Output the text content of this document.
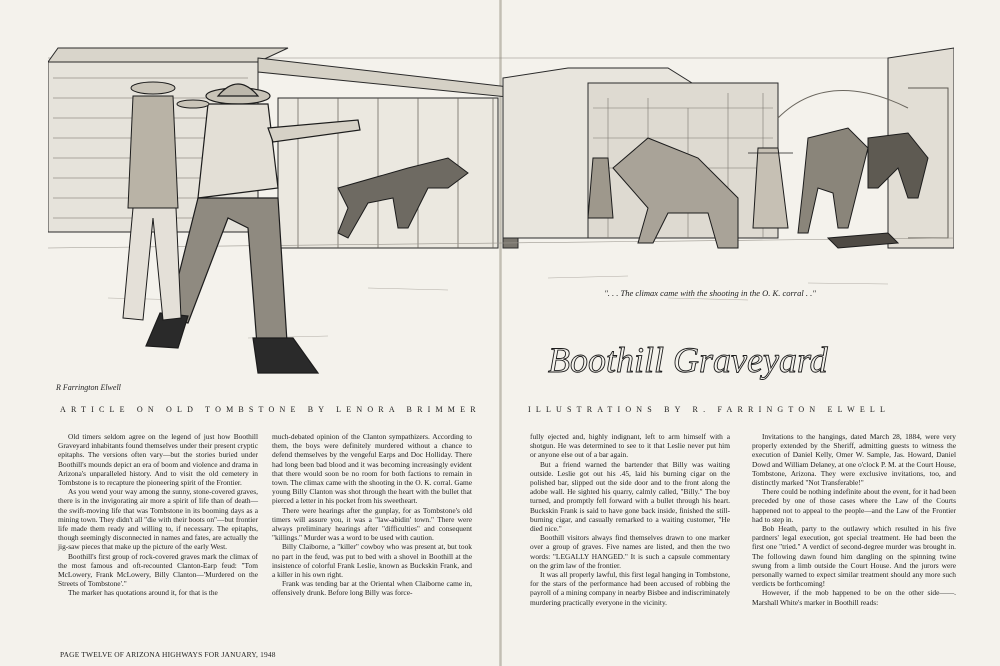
R Farrington Elwell
". . . The climax came with the shooting in the O. K. corral . ."
Boothill Graveyard
ARTICLE ON OLD TOMBSTONE BY LENORA BRIMMER	ILLUSTRATIONS BY R. FARRINGTON ELWELL

Old timers seldom agree on the legend of just how Boothill Graveyard inhabitants found themselves under their present cryptic epitaphs. The versions often vary—but the stories buried under Boothill's mounds depict an era of boom and violence and drama in Arizona's unparalleled history. And to visit the old cemetery in Tombstone is to recapture the pioneering spirit of the Frontier.

As you wend your way among the sunny, stone-covered graves, there is in the invigorating air more a spirit of life than of death—the swift-moving life that was Tombstone in its booming days as a mining town. They didn't all "die with their boots on"—but frontier life made them ready and willing to, if necessary. The epitaphs, though seemingly disconnected in names and fates, are actually the jig-saw pieces that make up the picture of the early West.

Boothill's first group of rock-covered graves mark the climax of the most famous and oft-recounted Clanton-Earp feud: "Tom McLowery, Frank McLowery, Billy Clanton—'Murdered on the Streets of Tombstone'."

The marker has quotations around it, for that is the

much-debated opinion of the Clanton sympathizers. According to them, the boys were definitely murdered without a chance to defend themselves by the vengeful Earps and Doc Holliday. There had long been bad blood and it was becoming increasingly evident that there would soon be no room for both factions to remain in town. The climax came with the shooting in the O. K. corral. Game young Billy Clanton was shot through the heart with the bullet that pierced a letter in his pocket from his sweetheart.

There were hearings after the gunplay, for as Tombstone's old timers will assure you, it was a "law-abidin' town." There were always preliminary hearings after "difficulties" and consequent "killings." Murder was a word to be used with caution.

Billy Claiborne, a "killer" cowboy who was present at, but took no part in the feud, was put to bed with a shovel in Boothill at the insistence of colorful Frank Leslie, known as Buckskin Frank, and a killer in his own right.

Frank was tending bar at the Oriental when Claiborne came in, offensively drunk. Before long Billy was force-

fully ejected and, highly indignant, left to arm himself with a shotgun. He was determined to see to it that Leslie never put him or anyone else out of a bar again.

But a friend warned the bartender that Billy was waiting outside. Leslie got out his .45, laid his burning cigar on the polished bar, slipped out the side door and to the front along the adobe wall. He sighted his quarry, calmly called, "Billy." The boy turned, and promptly fell forward with a bullet through his heart. Buckskin Frank is said to have gone back inside, finished the still-burning cigar, and casually remarked to a waiting customer, "He died nice."

Boothill visitors always find themselves drawn to one marker over a group of graves. Five names are listed, and then the two words: "LEGALLY HANGED." It is such a capsule commentary on the grim law of the frontier.

It was all properly lawful, this first legal hanging in Tombstone, for the stars of the performance had been accused of robbing the payroll of a mining company in nearby Bisbee and indiscriminately murdering practically everyone in the vicinity.

Invitations to the hangings, dated March 28, 1884, were very properly extended by the Sheriff, admitting guests to witness the execution of Daniel Kelly, Omer W. Sample, Jas. Howard, Daniel Dowd and William Delaney, at one o'clock P. M. at the Court House, Tombstone, Arizona. They were exclusive invitations, too, and distinctly marked "Not Transferable!"

There could be nothing indefinite about the event, for it had been preceded by one of those cases where the Law of the Courts happened not to appeal to the people—and the Law of the Frontier had to step in.

Bob Heath, party to the outlawry which resulted in his five pardners' legal execution, got special treatment. He had been the first one "tried." A verdict of second-degree murder was brought in. The following dawn found him dangling on the spinning twine swung from a limb outside the Court House. And the jurors were personally warned to expect similar treatment should any more such verdicts be forthcoming!

However, if the mob happened to be on the other side——. Marshall White's marker in Boothill reads:

PAGE TWELVE OF ARIZONA HIGHWAYS FOR JANUARY, 1948
